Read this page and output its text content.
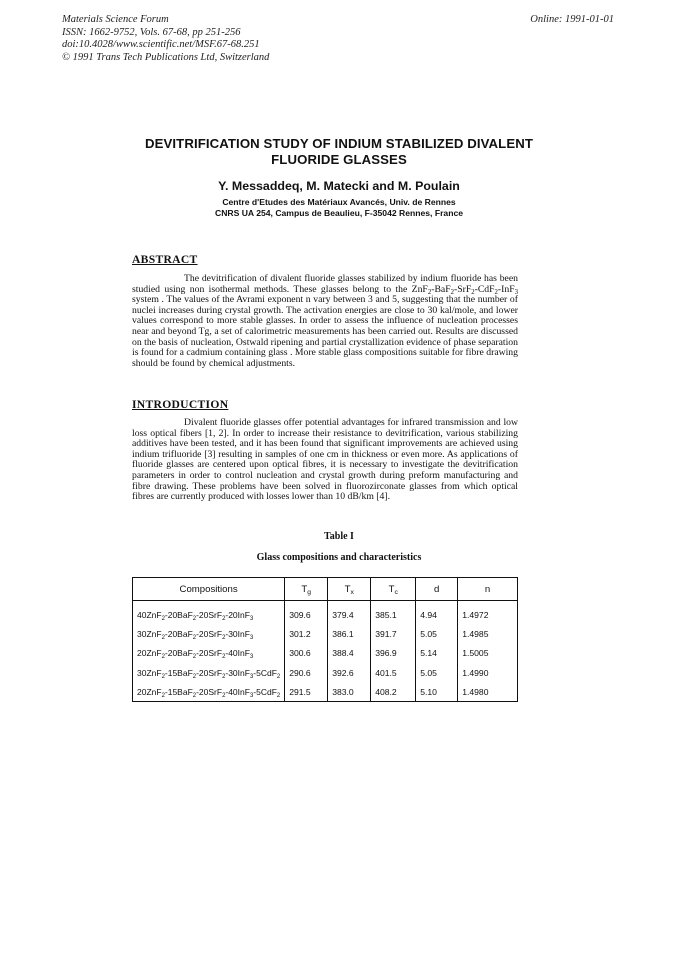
Materials Science Forum
ISSN: 1662-9752, Vols. 67-68, pp 251-256
doi:10.4028/www.scientific.net/MSF.67-68.251
© 1991 Trans Tech Publications Ltd, Switzerland
Online: 1991-01-01
DEVITRIFICATION STUDY OF INDIUM STABILIZED DIVALENT
FLUORIDE GLASSES
Y. Messaddeq, M. Matecki and M. Poulain
Centre d'Etudes des Matériaux Avancés, Univ. de Rennes
CNRS UA 254, Campus de Beaulieu, F-35042 Rennes, France
ABSTRACT

The devitrification of divalent fluoride glasses stabilized by indium fluoride has been studied using non isothermal methods. These glasses belong to the ZnF$_2$-BaF$_2$-SrF$_2$-CdF$_2$-InF$_3$ system . The values of the Avrami exponent n vary between 3 and 5, suggesting that the number of nuclei increases during crystal growth. The activation energies are close to 30 kal/mole, and lower values correspond to more stable glasses. In order to assess the influence of nucleation processes near and beyond Tg, a set of calorimetric measurements has been carried out. Results are discussed on the basis of nucleation, Ostwald ripening and partial crystallization evidence of phase separation is found for a cadmium containing glass . More stable glass compositions suitable for fibre drawing should be found by chemical adjustments.

INTRODUCTION

Divalent fluoride glasses offer potential advantages for infrared transmission and low loss optical fibers [1, 2]. In order to increase their resistance to devitrification, various stabilizing additives have been tested, and it has been found that significant improvements are achieved using indium trifluoride [3] resulting in samples of one cm in thickness or even more. As applications of fluoride glasses are centered upon optical fibres, it is necessary to investigate the devitrification parameters in order to control nucleation and crystal growth during preform manufacturing and fibre drawing. These problems have been solved in fluorozirconate glasses from which optical fibres are currently produced with losses lower than 10 dB/km [4].

Table I
Glass compositions and characteristics
Compositions	$T_g$	$T_x$	$T_c$	d	n
40ZnF$_2$-20BaF$_2$-20SrF$_2$-20InF$_3$	309.6	379.4	385.1	4.94	1.4972
30ZnF$_2$-20BaF$_2$-20SrF$_2$-30InF$_3$	301.2	386.1	391.7	5.05	1.4985
20ZnF$_2$-20BaF$_2$-20SrF$_2$-40InF$_3$	300.6	388.4	396.9	5.14	1.5005
30ZnF$_2$-15BaF$_2$-20SrF$_2$-30InF$_3$-5CdF$_2$	290.6	392.6	401.5	5.05	1.4990
20ZnF$_2$-15BaF$_2$-20SrF$_2$-40InF$_3$-5CdF$_2$	291.5	383.0	408.2	5.10	1.4980
